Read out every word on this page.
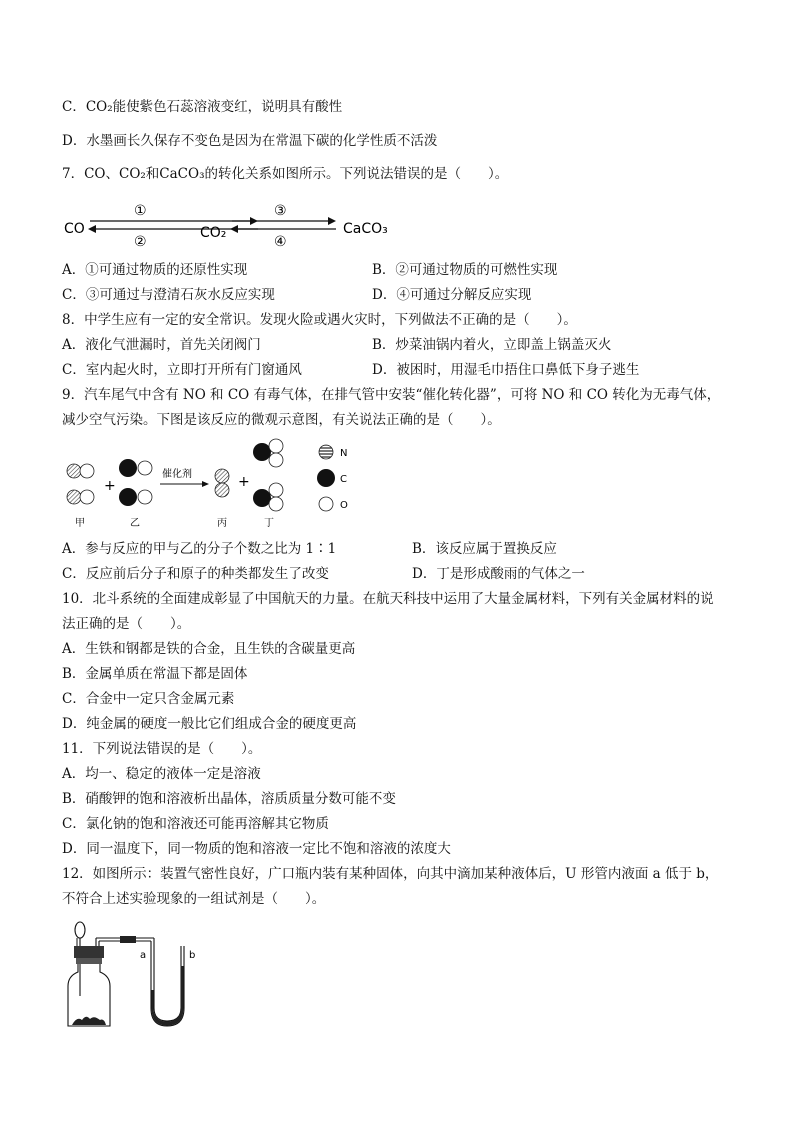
C．CO₂能使紫色石蕊溶液变红，说明具有酸性
D．水墨画长久保存不变色是因为在常温下碳的化学性质不活泼
7．CO、CO₂和CaCO₃的转化关系如图所示。下列说法错误的是（　　）。
CO
①
②
CO₂
③
④
CaCO₃
A．①可通过物质的还原性实现	B．②可通过物质的可燃性实现
C．③可通过与澄清石灰水反应实现	D．④可通过分解反应实现
8．中学生应有一定的安全常识。发现火险或遇火灾时，下列做法不正确的是（　　）。
A．液化气泄漏时，首先关闭阀门	B．炒菜油锅内着火，立即盖上锅盖灭火
C．室内起火时，立即打开所有门窗通风	D．被困时，用湿毛巾捂住口鼻低下身子逃生
9．汽车尾气中含有 NO 和 CO 有毒气体，在排气管中安装“催化转化器”，可将 NO 和 CO 转化为无毒气体，
减少空气污染。下图是该反应的微观示意图，有关说法正确的是（　　）。
+
催化剂	+
N
C
O
甲	乙	丙	丁
A．参与反应的甲与乙的分子个数之比为 1∶1	B．该反应属于置换反应
C．反应前后分子和原子的种类都发生了改变	D．丁是形成酸雨的气体之一
10．北斗系统的全面建成彰显了中国航天的力量。在航天科技中运用了大量金属材料，下列有关金属材料的说
法正确的是（　　）。
A．生铁和钢都是铁的合金，且生铁的含碳量更高
B．金属单质在常温下都是固体
C．合金中一定只含金属元素
D．纯金属的硬度一般比它们组成合金的硬度更高
11．下列说法错误的是（　　）。
A．均一、稳定的液体一定是溶液
B．硝酸钾的饱和溶液析出晶体，溶质质量分数可能不变
C．氯化钠的饱和溶液还可能再溶解其它物质
D．同一温度下，同一物质的饱和溶液一定比不饱和溶液的浓度大
12．如图所示：装置气密性良好，广口瓶内装有某种固体，向其中滴加某种液体后，U 形管内液面 a 低于 b，
不符合上述实验现象的一组试剂是（　　）。
a	b
